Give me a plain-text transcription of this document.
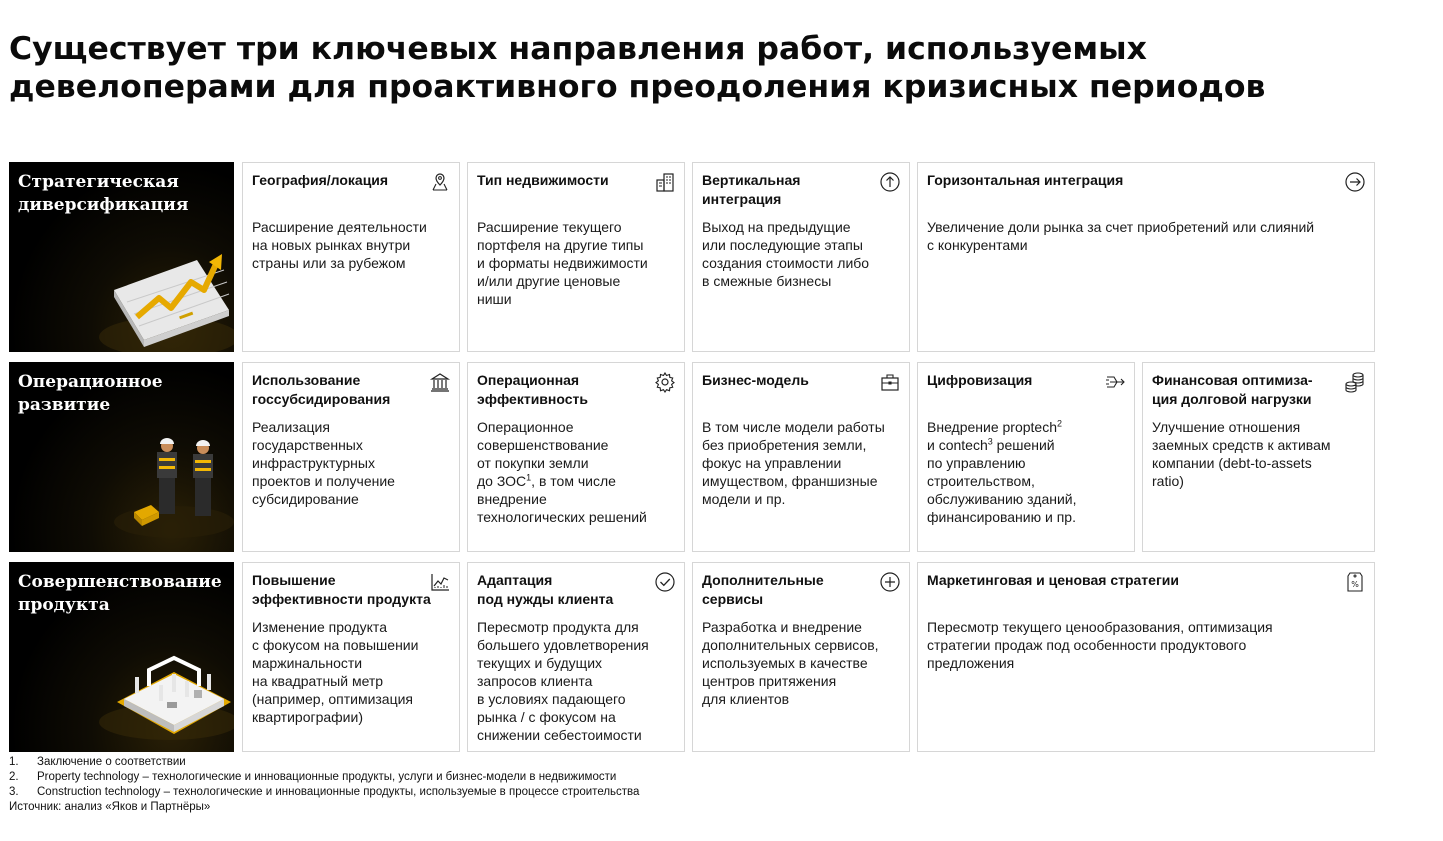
Существует три ключевых направления работ, используемых
девелоперами для проактивного преодоления кризисных периодов
Стратегическая
диверсификация
География/локация
Расширение деятельности
на новых рынках внутри
страны или за рубежом
Тип недвижимости
Расширение текущего
портфеля на другие типы
и форматы недвижимости
и/или другие ценовые
ниши
Вертикальная интеграция
Выход на предыдущие
или последующие этапы
создания стоимости либо
в смежные бизнесы
Горизонтальная интеграция
Увеличение доли рынка за счет приобретений или слияний
с конкурентами
Операционное
развитие
Использование госсубсидирования
Реализация
государственных
инфраструктурных
проектов и получение
субсидирование
Операционная эффективность
Операционное
совершенствование
от покупки земли
до ЗОС$^1$, в том числе
внедрение
технологических решений
Бизнес-модель
В том числе модели работы
без приобретения земли,
фокус на управлении
имуществом, франшизные
модели и пр.
Цифровизация
Внедрение proptech$^2$
и contech$^3$ решений
по управлению
строительством,
обслуживанию зданий,
финансированию и пр.
Финансовая оптимиза-
ция долговой нагрузки
Улучшение отношения
заемных средств к активам
компании (debt-to-assets
ratio)
Совершенствование
продукта
Повышение
эффективности продукта
Изменение продукта
с фокусом на повышении
маржинальности
на квадратный метр
(например, оптимизация
квартирографии)
Адаптация
под нужды клиента
Пересмотр продукта для
большего удовлетворения
текущих и будущих
запросов клиента
в условиях падающего
рынка / с фокусом на
снижении себестоимости
Дополнительные
сервисы
Разработка и внедрение
дополнительных сервисов,
используемых в качестве
центров притяжения
для клиентов
Маркетинговая и ценовая стратегии	%
Пересмотр текущего ценообразования, оптимизация
стратегии продаж под особенности продуктового
предложения
1. Заключение о соответствии
2. Property technology – технологические и инновационные продукты, услуги и бизнес-модели в недвижимости
3. Construction technology – технологические и инновационные продукты, используемые в процессе строительства
Источник: анализ «Яков и Партнёры»
